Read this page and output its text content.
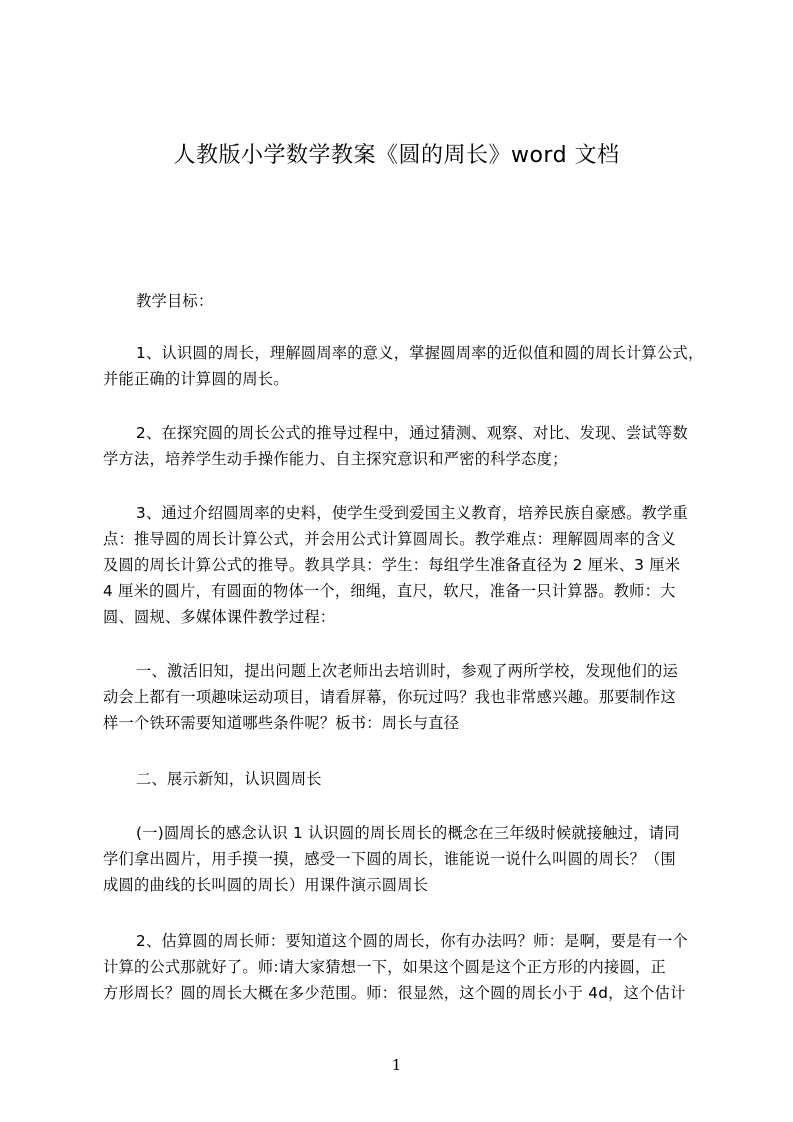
人教版小学数学教案《圆的周长》word 文档

教学目标：

1、认识圆的周长，理解圆周率的意义，掌握圆周率的近似值和圆的周长计算公式，
并能正确的计算圆的周长。

2、在探究圆的周长公式的推导过程中，通过猜测、观察、对比、发现、尝试等数
学方法，培养学生动手操作能力、自主探究意识和严密的科学态度；

3、通过介绍圆周率的史料，使学生受到爱国主义教育，培养民族自豪感。教学重
点：推导圆的周长计算公式，并会用公式计算圆周长。教学难点：理解圆周率的含义
及圆的周长计算公式的推导。教具学具：学生：每组学生准备直径为 2 厘米、3 厘米
4 厘米的圆片，有圆面的物体一个，细绳，直尺，软尺，准备一只计算器。教师：大
圆、圆规、多媒体课件教学过程：

一、激活旧知，提出问题上次老师出去培训时，参观了两所学校，发现他们的运
动会上都有一项趣味运动项目，请看屏幕，你玩过吗？我也非常感兴趣。那要制作这
样一个铁环需要知道哪些条件呢？板书：周长与直径

二、展示新知，认识圆周长

(一)圆周长的感念认识 1 认识圆的周长周长的概念在三年级时候就接触过，请同
学们拿出圆片，用手摸一摸，感受一下圆的周长，谁能说一说什么叫圆的周长？（围
成圆的曲线的长叫圆的周长）用课件演示圆周长

2、估算圆的周长师：要知道这个圆的周长，你有办法吗？师：是啊，要是有一个
计算的公式那就好了。师:请大家猜想一下，如果这个圆是这个正方形的内接圆，正
方形周长？圆的周长大概在多少范围。师：很显然，这个圆的周长小于 4d，这个估计

1
